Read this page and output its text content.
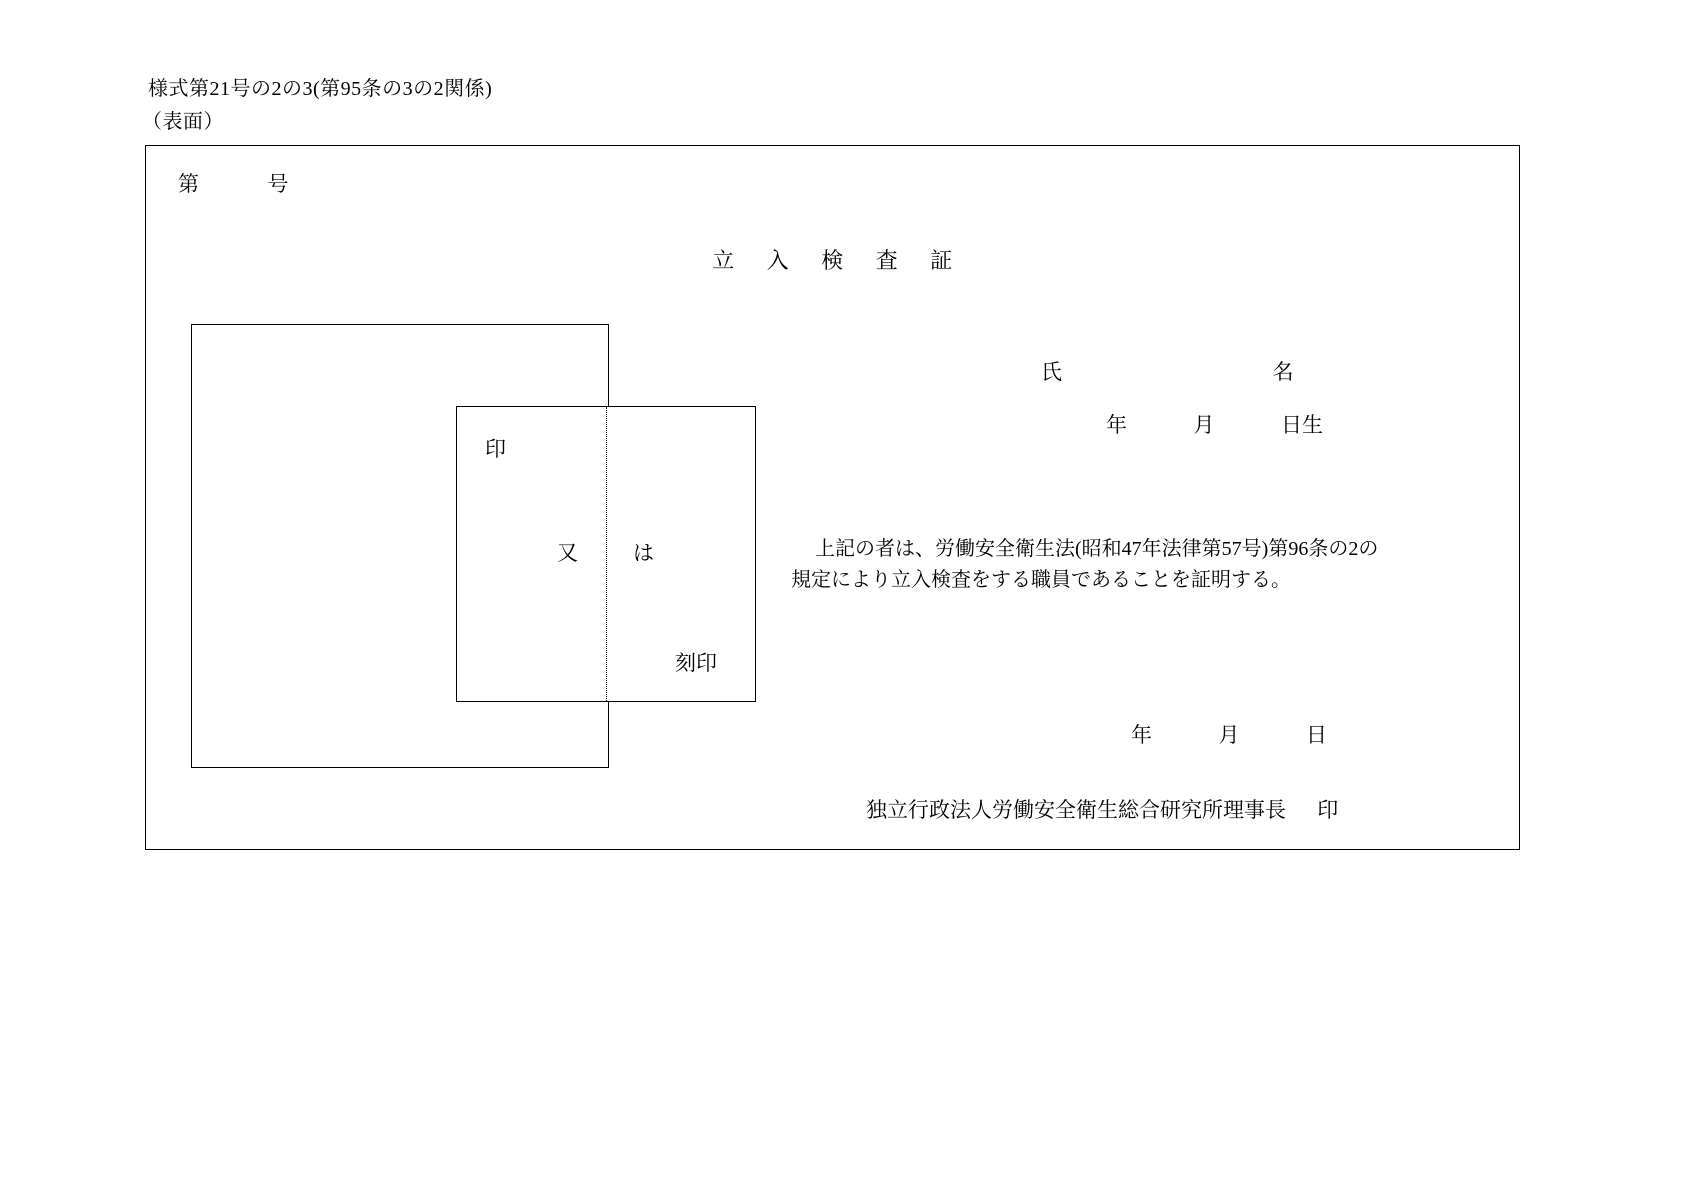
様式第21号の2の3(第95条の3の2関係)
（表面）
第	号
立 入 検 査 証
印
又	は
刻印
氏	名
年	月	日生
上記の者は、労働安全衛生法(昭和47年法律第57号)第96条の2の
規定により立入検査をする職員であることを証明する。
年	月	日
独立行政法人労働安全衛生総合研究所理事長 印
